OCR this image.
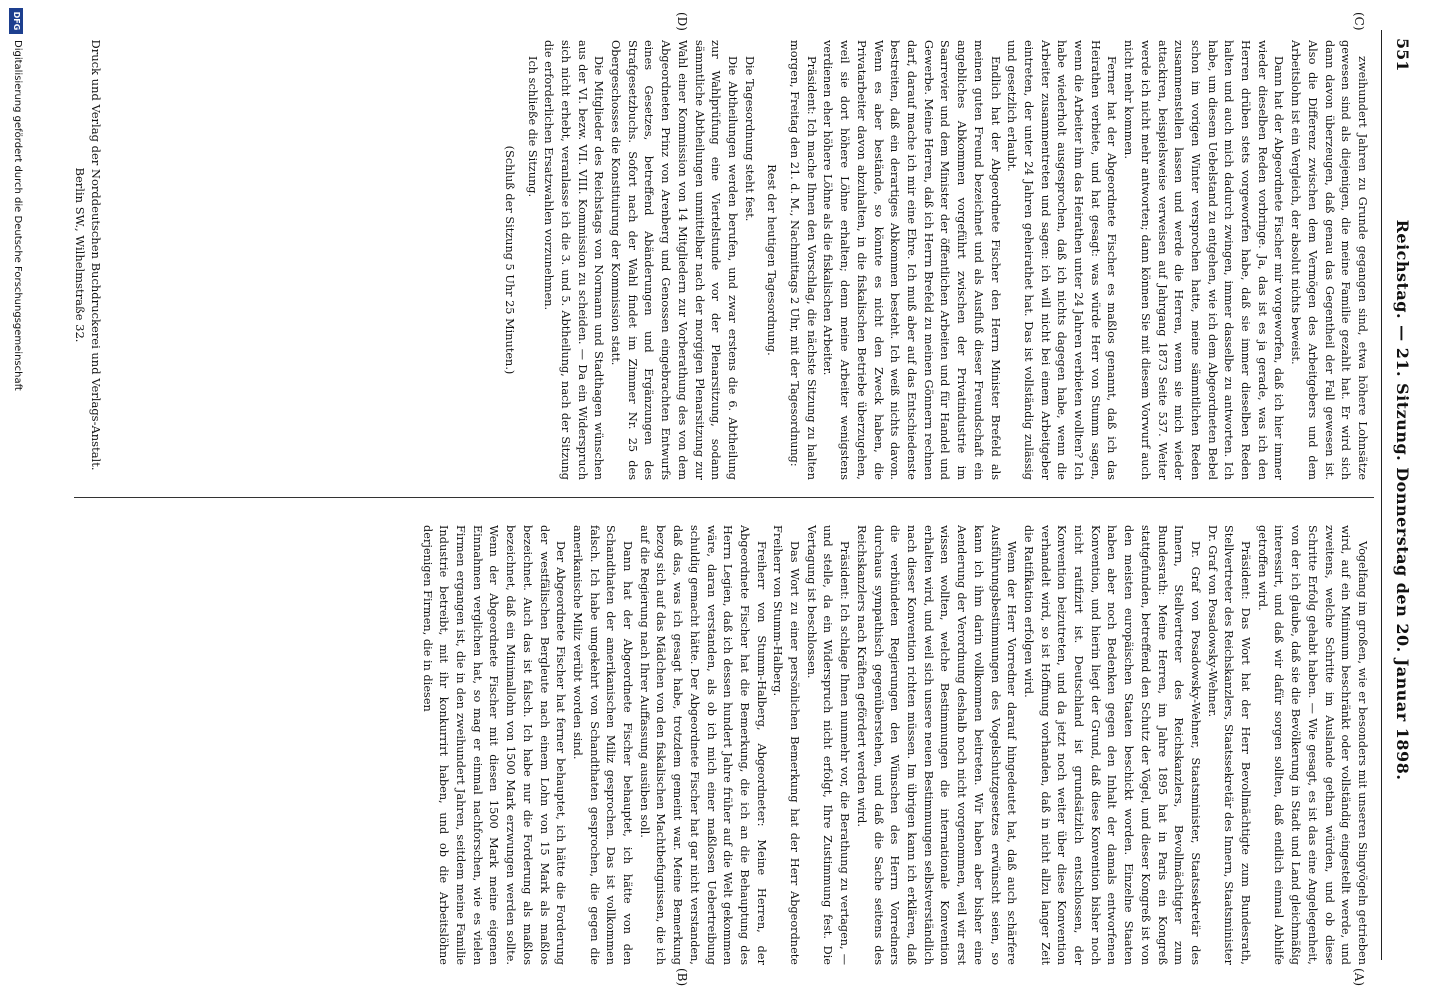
551
Reichstag. — 21. Sitzung. Donnerstag den 20. Januar 1898.
(C)
(D)
(A)
(B)

zweihundert Jahren zu Grunde gegangen sind, etwa höhere Lohnsätze gewesen sind als diejenigen, die meine Familie gezahlt hat. Er wird sich dann davon überzeugen, daß genau das Gegentheil der Fall gewesen ist. Also die Differenz zwischen dem Vermögen des Arbeitgebers und dem Arbeitslohn ist ein Vergleich, der absolut nichts beweist.

Dann hat der Abgeordnete Fischer mir vorgeworfen, daß ich hier immer wieder dieselben Reden vorbringe. Ja, das ist es ja gerade, was ich den Herren drüben stets vorgeworfen habe, daß sie immer dieselben Reden halten und auch mich dadurch zwingen, immer dasselbe zu antworten. Ich habe, um diesem Uebelstand zu entgehen, wie ich dem Abgeordneten Bebel schon im vorigen Winter versprochen hatte, meine sämmtlichen Reden zusammenstellen lassen und werde die Herren, wenn sie mich wieder attackiren, beispielsweise verweisen auf Jahrgang 1873 Seite 537. Weiter werde ich nicht mehr antworten; dann können Sie mit diesem Vorwurf auch nicht mehr kommen.

Ferner hat der Abgeordnete Fischer es maßlos genannt, daß ich das Heirathen verbiete, und hat gesagt: was würde Herr von Stumm sagen, wenn die Arbeiter ihm das Heirathen unter 24 Jahren verbieten wollten? Ich habe wiederholt ausgesprochen, daß ich nichts dagegen habe, wenn die Arbeiter zusammentreten und sagen: ich will nicht bei einem Arbeitgeber eintreten, der unter 24 Jahren geheirathet hat. Das ist vollständig zulässig und gesetzlich erlaubt.

Endlich hat der Abgeordnete Fischer den Herrn Minister Brefeld als meinen guten Freund bezeichnet und als Ausfluß dieser Freundschaft ein angebliches Abkommen vorgeführt zwischen der Privatindustrie im Saarrevier und dem Minister der öffentlichen Arbeiten und für Handel und Gewerbe. Meine Herren, daß ich Herrn Brefeld zu meinen Gönnern rechnen darf, darauf mache ich mir eine Ehre. Ich muß aber auf das Entschiedenste bestreiten, daß ein derartiges Abkommen besteht. Ich weiß nichts davon. Wenn es aber bestände, so könnte es nicht den Zweck haben, die Privatarbeiter davon abzuhalten, in die fiskalischen Betriebe überzugehen, weil sie dort höhere Löhne erhalten; denn meine Arbeiter wenigstens verdienen eher höhere Löhne als die fiskalischen Arbeiter.

Präsident: Ich mache Ihnen den Vorschlag, die nächste Sitzung zu halten morgen, Freitag den 21. d. M., Nachmittags 2 Uhr, mit der Tagesordnung:

Rest der heutigen Tagesordnung.

Die Tagesordnung steht fest.

Die Abtheilungen werden berufen, und zwar erstens die 6. Abtheilung zur Wahlprüfung eine Viertelstunde vor der Plenarsitzung, sodann sämmtliche Abtheilungen unmittelbar nach der morgigen Plenarsitzung zur Wahl einer Kommission von 14 Mitgliedern zur Vorberathung des von dem Abgeordneten Prinz von Arenberg und Genossen eingebrachten Entwurfs eines Gesetzes, betreffend Abänderungen und Ergänzungen des Strafgesetzbuchs. Sofort nach der Wahl findet im Zimmer Nr. 25 des Obergeschosses die Konstituirung der Kommission statt.

Die Mitglieder des Reichstags von Normann und Stadthagen wünschen aus der VI. bezw. VII. VIII. Kommission zu scheiden. — Da ein Widerspruch sich nicht erhebt, veranlasse ich die 3. und 5. Abtheilung, nach der Sitzung die erforderlichen Ersatzwahlen vorzunehmen.

Ich schließe die Sitzung.

(Schluß der Sitzung 5 Uhr 25 Minuten.)

Vogelfang im großen, wie er besonders mit unseren Singvögeln getrieben wird, auf ein Minimum beschränkt oder vollständig eingestellt werde, und zweitens, welche Schritte im Auslande gethan würden, und ob diese Schritte Erfolg gehabt haben. — Wie gesagt, es ist das eine Angelegenheit, von der ich glaube, daß sie die Bevölkerung in Stadt und Land gleichmäßig interessirt, und daß wir dafür sorgen sollten, daß endlich einmal Abhilfe getroffen wird.

Präsident: Das Wort hat der Herr Bevollmächtigte zum Bundesrath, Stellvertreter des Reichskanzlers, Staatssekretär des Innern, Staatsminister Dr. Graf von Posadowsky-Wehner.

Dr. Graf von Posadowsky-Wehner, Staatsminister, Staatssekretär des Innern, Stellvertreter des Reichskanzlers, Bevollmächtigter zum Bundesrath: Meine Herren, im Jahre 1895 hat in Paris ein Kongreß stattgefunden, betreffend den Schutz der Vögel, und dieser Kongreß ist von den meisten europäischen Staaten beschickt worden. Einzelne Staaten haben aber noch Bedenken gegen den Inhalt der damals entworfenen Konvention, und hierin liegt der Grund, daß diese Konvention bisher noch nicht ratifizirt ist. Deutschland ist grundsätzlich entschlossen, der Konvention beizutreten, und da jetzt noch weiter über diese Konvention verhandelt wird, so ist Hoffnung vorhanden, daß in nicht allzu langer Zeit die Ratifikation erfolgen wird.

Wenn der Herr Vorredner darauf hingedeutet hat, daß auch schärfere Ausführungsbestimmungen des Vogelschutzgesetzes erwünscht seien, so kann ich ihm darin vollkommen beitreten. Wir haben aber bisher eine Aenderung der Verordnung deshalb noch nicht vorgenommen, weil wir erst wissen wollten, welche Bestimmungen die internationale Konvention erhalten wird, und weil sich unsere neuen Bestimmungen selbstverständlich nach dieser Konvention richten müssen. Im übrigen kann ich erklären, daß die verbündeten Regierungen den Wünschen des Herrn Vorredners durchaus sympathisch gegenüberstehen, und daß die Sache seitens des Reichskanzlers nach Kräften gefördert werden wird.

Präsident: Ich schlage Ihnen nunmehr vor, die Berathung zu vertagen, — und stelle, da ein Widerspruch nicht erfolgt, Ihre Zustimmung fest. Die Vertagung ist beschlossen.

Das Wort zu einer persönlichen Bemerkung hat der Herr Abgeordnete Freiherr von Stumm-Halberg.

Freiherr von Stumm-Halberg, Abgeordneter: Meine Herren, der Abgeordnete Fischer hat die Bemerkung, die ich an die Behauptung des Herrn Legien, daß ich dessen hundert Jahre früher auf die Welt gekommen wäre, daran verstanden, als ob ich mich einer maßlosen Uebertreibung schuldig gemacht hätte. Der Abgeordnete Fischer hat gar nicht verstanden, daß das, was ich gesagt habe, trotzdem gemeint war. Meine Bemerkung bezog sich auf das Mädchen von den fiskalischen Machtbefugnissen, die ich auf die Regierung nach Ihrer Auffassung ausüben soll.

Dann hat der Abgeordnete Fischer behauptet, ich hätte von den Schandthaten der amerikanischen Miliz gesprochen. Das ist vollkommen falsch. Ich habe umgekehrt von Schandthaten gesprochen, die gegen die amerikanische Miliz verübt worden sind.

Der Abgeordnete Fischer hat ferner behauptet, ich hätte die Forderung der westfälischen Bergleute nach einem Lohn von 15 Mark als maßlos bezeichnet. Auch das ist falsch. Ich habe nur die Forderung als maßlos bezeichnet, daß ein Minimallohn von 1500 Mark erzwungen werden sollte. Wenn der Abgeordnete Fischer mit diesen 1500 Mark meine eigenen Einnahmen verglichen hat, so mag er einmal nachforschen, wie es vielen Firmen ergangen ist, die in den zweihundert Jahren, seitdem meine Familie Industrie betreibt, mit ihr konkurrirt haben, und ob die Arbeitslöhne derjenigen Firmen, die in diesen

Druck und Verlag der Norddeutschen Buchdruckerei und Verlags-Anstalt.
Berlin SW., Wilhelmstraße 32.
DFG
Digitalisierung gefördert durch die Deutsche Forschungsgemeinschaft
